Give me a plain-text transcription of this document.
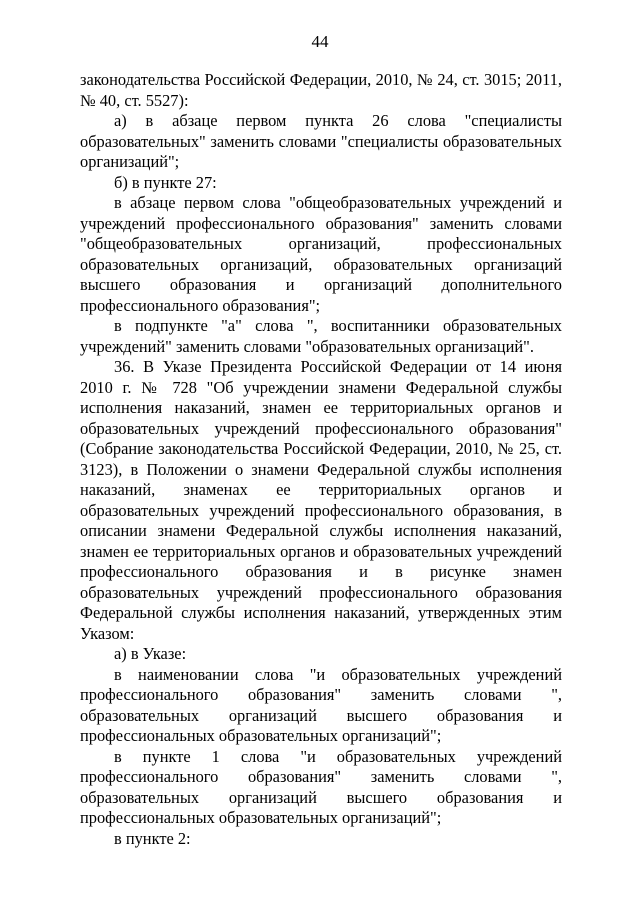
44

законодательства Российской Федерации, 2010, № 24, ст. 3015; 2011, № 40, ст. 5527):

а) в абзаце первом пункта 26 слова "специалисты образовательных" заменить словами "специалисты образовательных организаций";

б) в пункте 27:

в абзаце первом слова "общеобразовательных учреждений и учреждений профессионального образования" заменить словами "общеобразовательных организаций, профессиональных образовательных организаций, образовательных организаций высшего образования и организаций дополнительного профессионального образования";

в подпункте "а" слова ", воспитанники образовательных учреждений" заменить словами "образовательных организаций".

36. В Указе Президента Российской Федерации от 14 июня 2010 г. № 728 "Об учреждении знамени Федеральной службы исполнения наказаний, знамен ее территориальных органов и образовательных учреждений профессионального образования" (Собрание законодательства Российской Федерации, 2010, № 25, ст. 3123), в Положении о знамени Федеральной службы исполнения наказаний, знаменах ее территориальных органов и образовательных учреждений профессионального образования, в описании знамени Федеральной службы исполнения наказаний, знамен ее территориальных органов и образовательных учреждений профессионального образования и в рисунке знамен образовательных учреждений профессионального образования Федеральной службы исполнения наказаний, утвержденных этим Указом:

а) в Указе:

в наименовании слова "и образовательных учреждений профессионального образования" заменить словами ", образовательных организаций высшего образования и профессиональных образовательных организаций";

в пункте 1 слова "и образовательных учреждений профессионального образования" заменить словами ", образовательных организаций высшего образования и профессиональных образовательных организаций";

в пункте 2:
